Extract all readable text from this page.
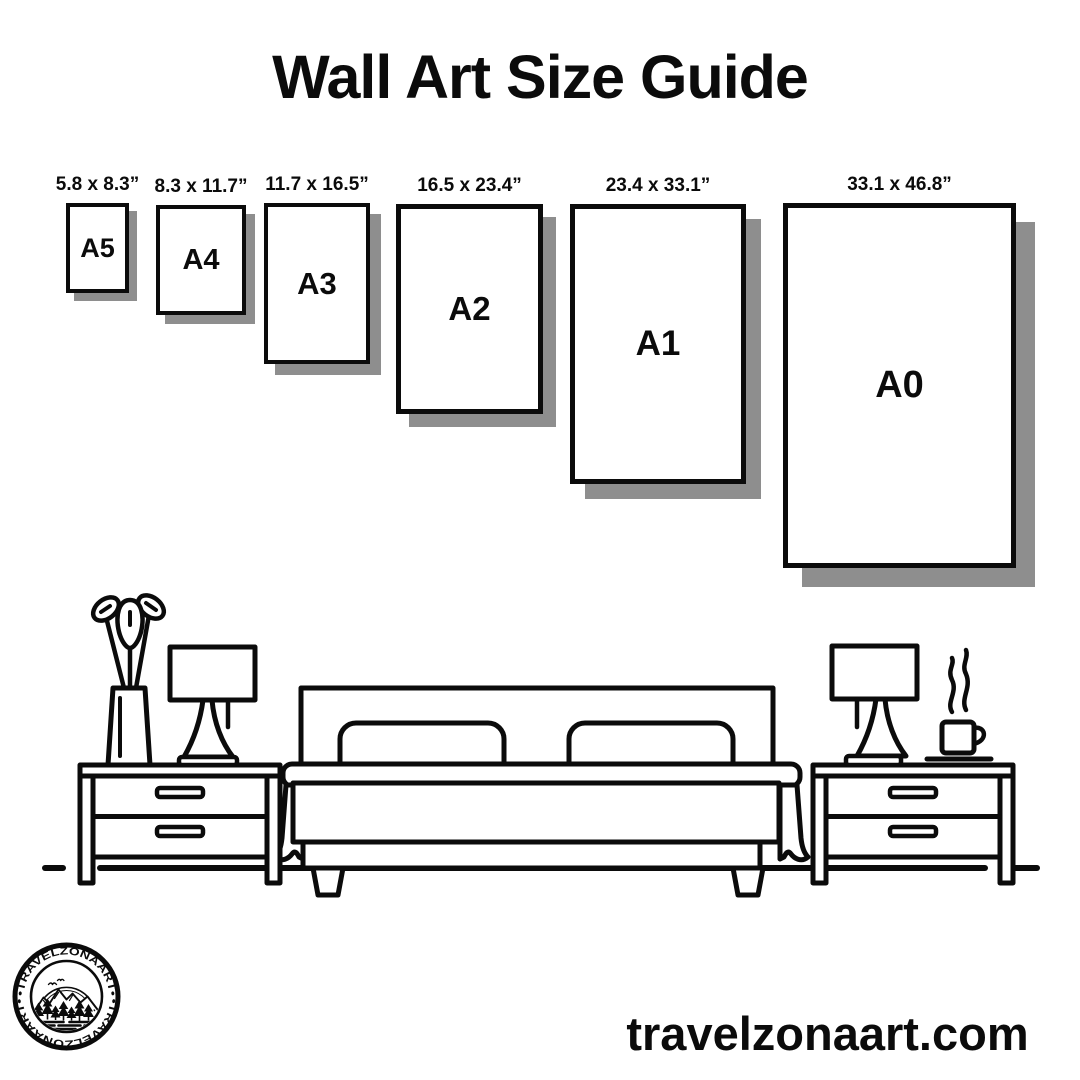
Wall Art Size Guide
5.8 x 8.3”
A5
8.3 x 11.7”
A4
11.7 x 16.5”
A3
16.5 x 23.4”
A2
23.4 x 33.1”
A1
33.1 x 46.8”
A0
•TRAVELZONAART•
•TRAVELZONAART•
travelzonaart.com
